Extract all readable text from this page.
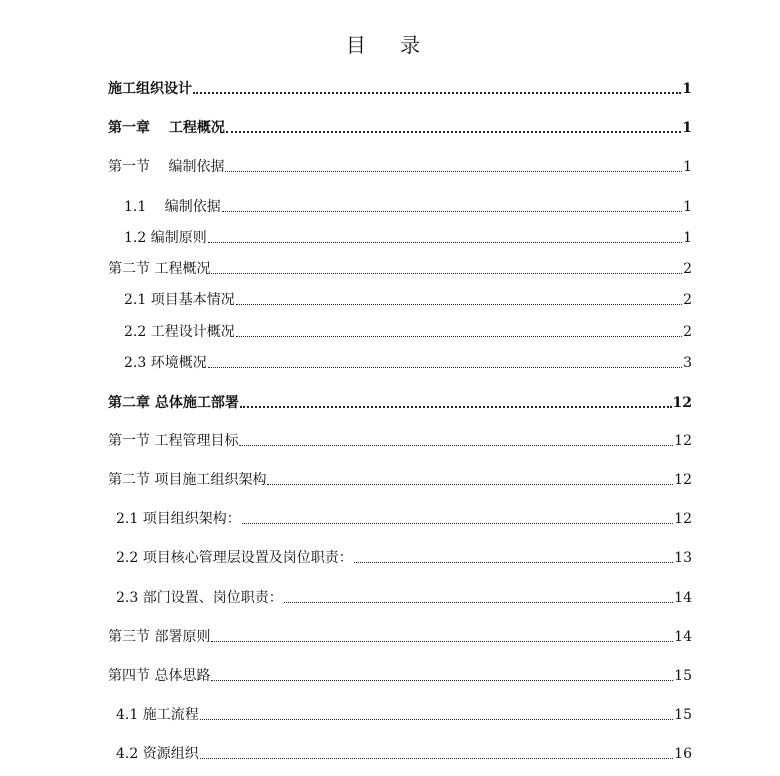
目 录
施工组织设计	1
第一章　 工程概况	1
第一节　 编制依据	1
1.1　 编制依据	1
1.2 编制原则	1
第二节 工程概况	2
2.1 项目基本情况	2
2.2 工程设计概况	2
2.3 环境概况	3
第二章 总体施工部署	12
第一节 工程管理目标	12
第二节 项目施工组织架构	12
2.1 项目组织架构：	12
2.2 项目核心管理层设置及岗位职责：	13
2.3 部门设置、岗位职责：	14
第三节 部署原则	14
第四节 总体思路	15
4.1 施工流程	15
4.2 资源组织	16
